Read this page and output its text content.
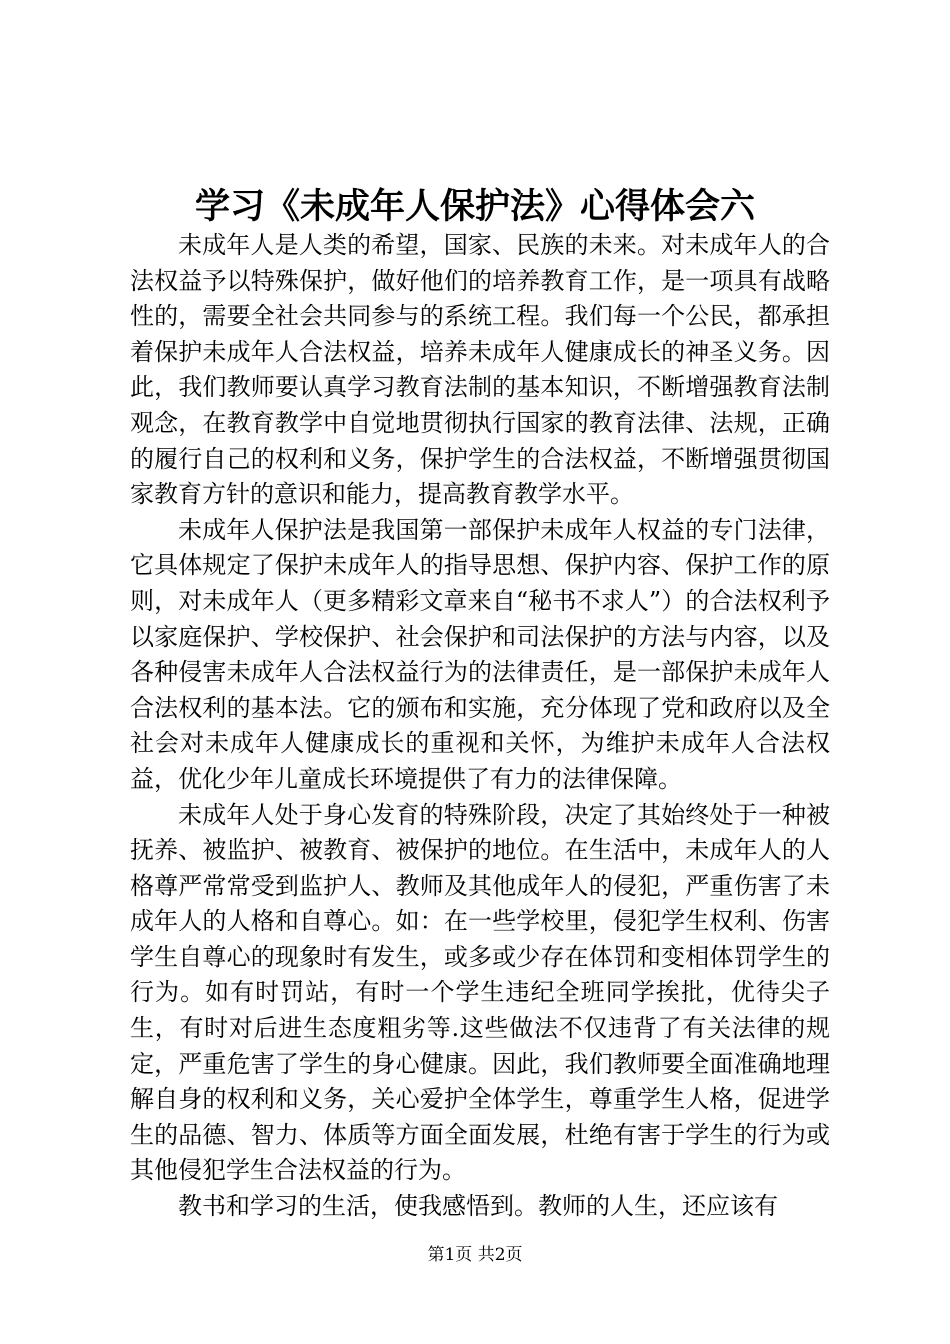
学习《未成年人保护法》心得体会六

未成年人是人类的希望，国家、民族的未来。对未成年人的合法权益予以特殊保护，做好他们的培养教育工作，是一项具有战略性的，需要全社会共同参与的系统工程。我们每一个公民，都承担着保护未成年人合法权益，培养未成年人健康成长的神圣义务。因此，我们教师要认真学习教育法制的基本知识，不断增强教育法制观念，在教育教学中自觉地贯彻执行国家的教育法律、法规，正确的履行自己的权利和义务，保护学生的合法权益，不断增强贯彻国家教育方针的意识和能力，提高教育教学水平。

未成年人保护法是我国第一部保护未成年人权益的专门法律，它具体规定了保护未成年人的指导思想、保护内容、保护工作的原则，对未成年人（更多精彩文章来自“秘书不求人”）的合法权利予以家庭保护、学校保护、社会保护和司法保护的方法与内容，以及各种侵害未成年人合法权益行为的法律责任，是一部保护未成年人合法权利的基本法。它的颁布和实施，充分体现了党和政府以及全社会对未成年人健康成长的重视和关怀，为维护未成年人合法权益，优化少年儿童成长环境提供了有力的法律保障。

未成年人处于身心发育的特殊阶段，决定了其始终处于一种被抚养、被监护、被教育、被保护的地位。在生活中，未成年人的人格尊严常常受到监护人、教师及其他成年人的侵犯，严重伤害了未成年人的人格和自尊心。如：在一些学校里，侵犯学生权利、伤害学生自尊心的现象时有发生，或多或少存在体罚和变相体罚学生的行为。如有时罚站，有时一个学生违纪全班同学挨批，优待尖子生，有时对后进生态度粗劣等.这些做法不仅违背了有关法律的规定，严重危害了学生的身心健康。因此，我们教师要全面准确地理解自身的权利和义务，关心爱护全体学生，尊重学生人格，促进学生的品德、智力、体质等方面全面发展，杜绝有害于学生的行为或其他侵犯学生合法权益的行为。

教书和学习的生活，使我感悟到。教师的人生，还应该有

第1页 共2页
